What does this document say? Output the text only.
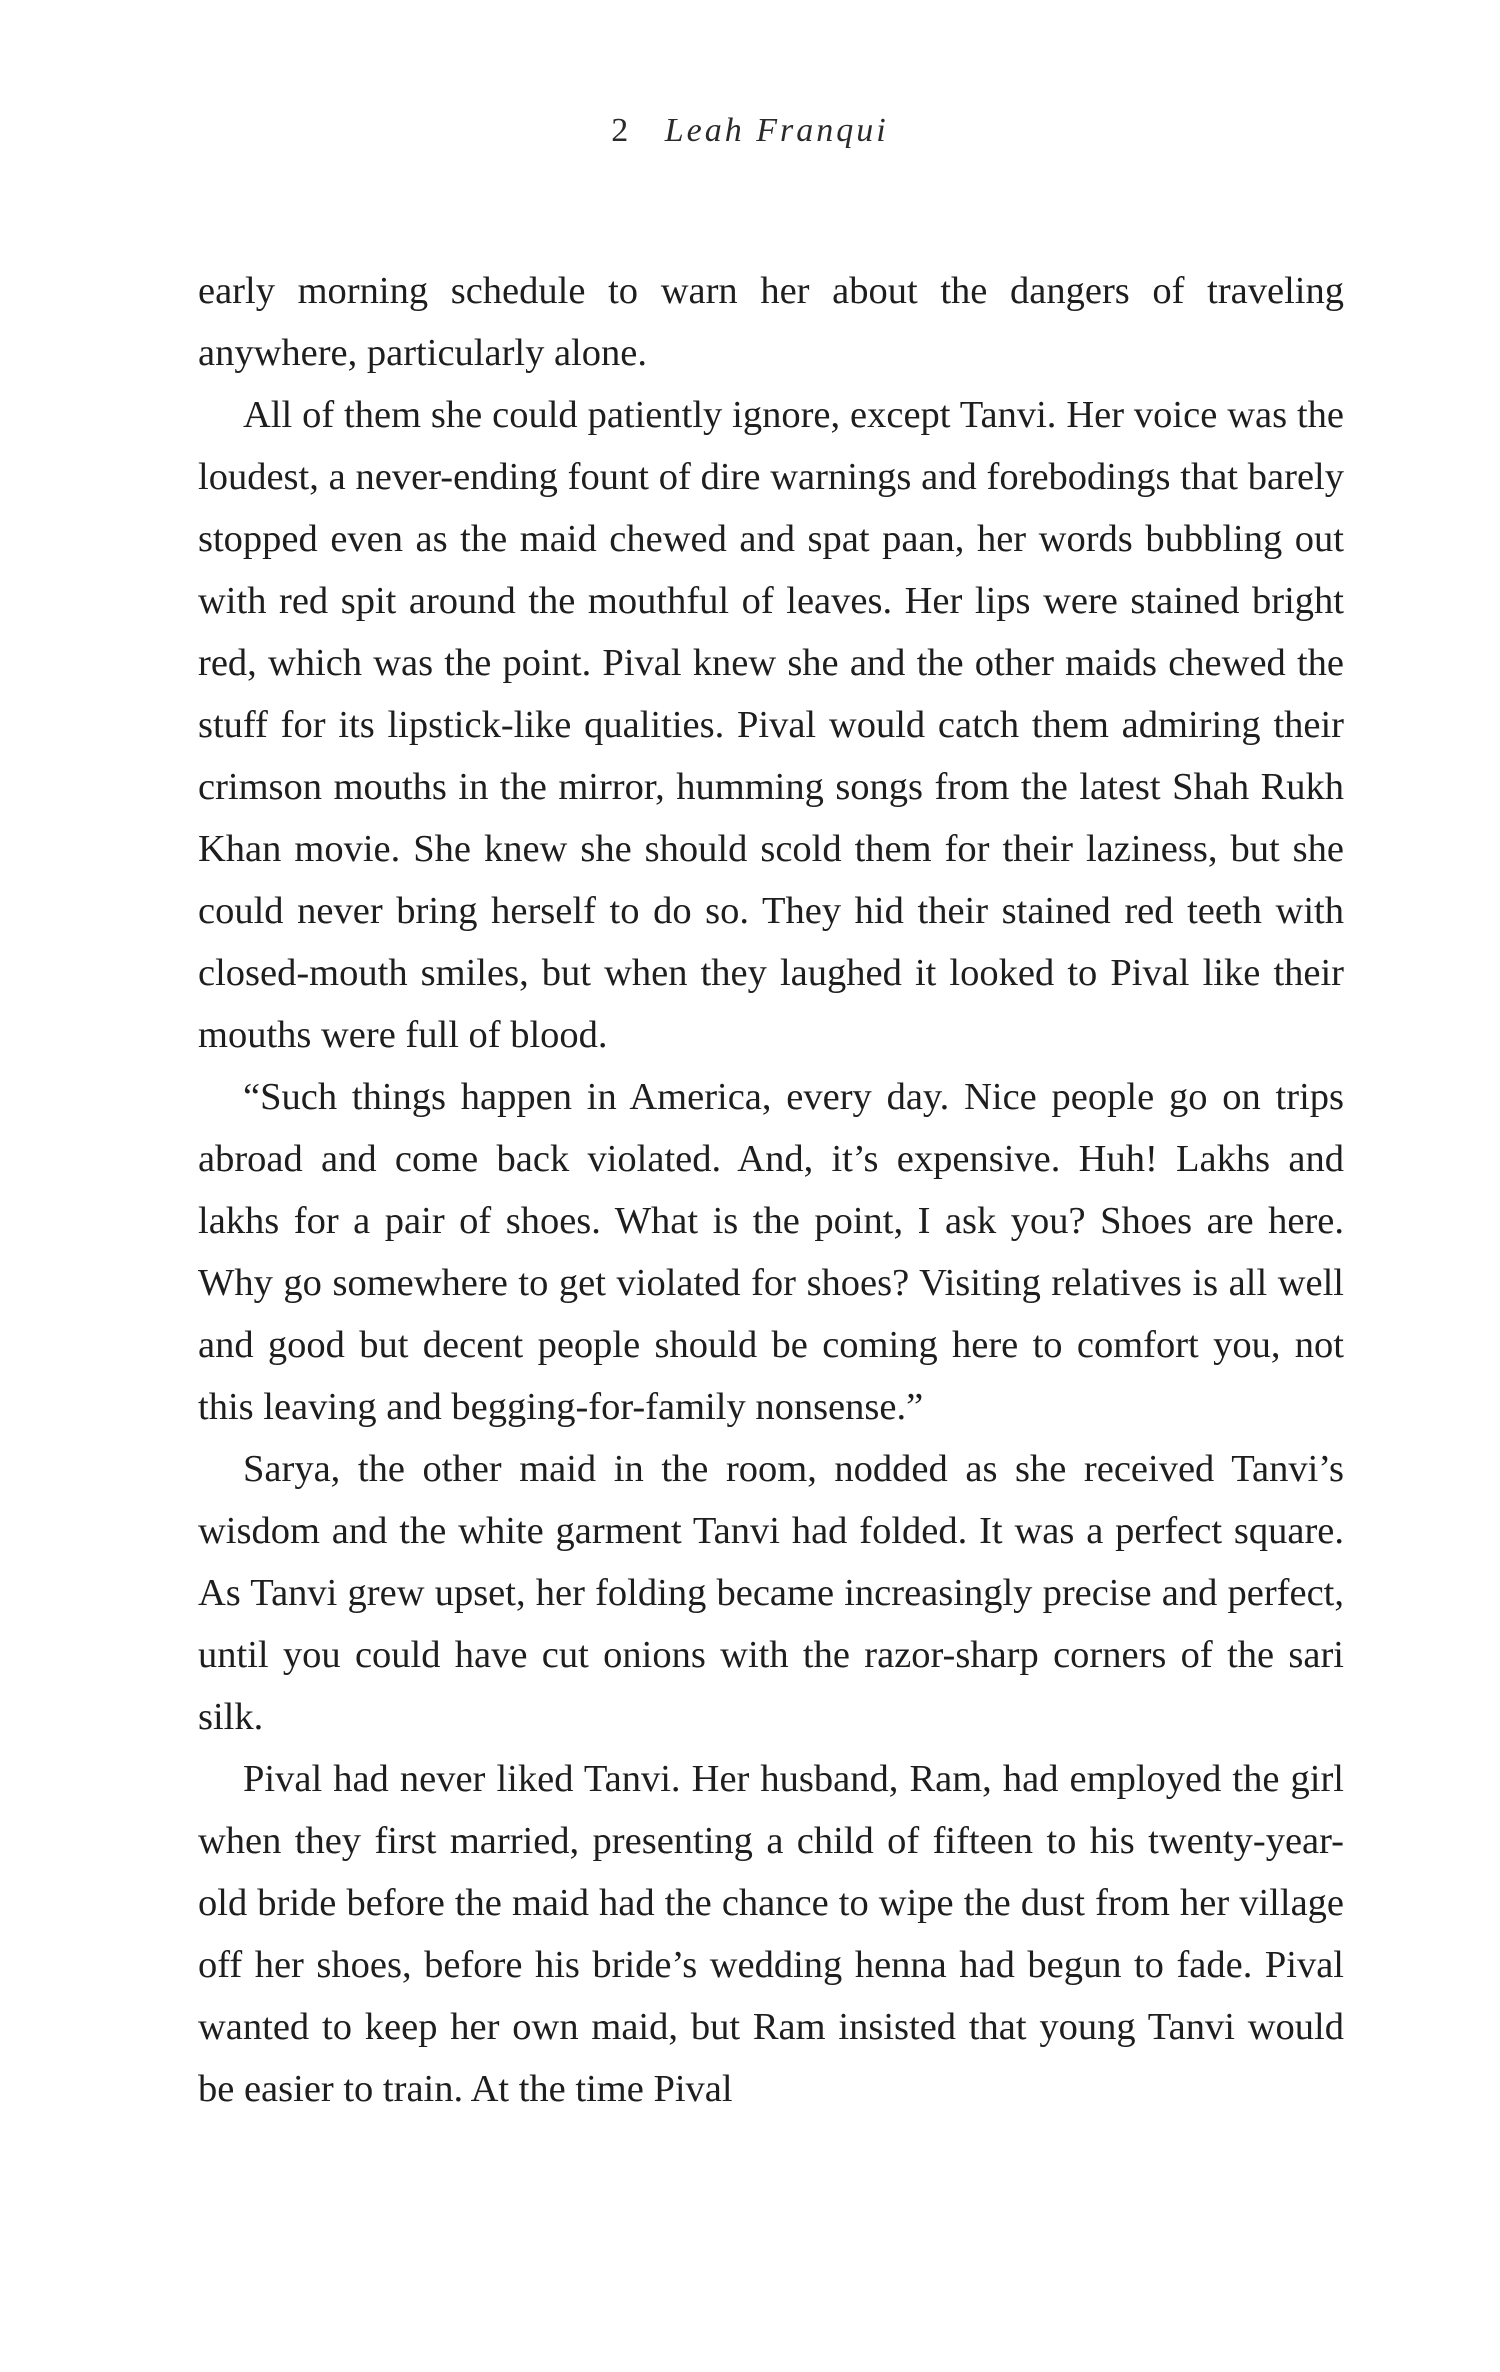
2 Leah Franqui

early morning schedule to warn her about the dangers of traveling anywhere, particularly alone.

All of them she could patiently ignore, except Tanvi. Her voice was the loudest, a never-ending fount of dire warnings and forebodings that barely stopped even as the maid chewed and spat paan, her words bubbling out with red spit around the mouthful of leaves. Her lips were stained bright red, which was the point. Pival knew she and the other maids chewed the stuff for its lipstick-like qualities. Pival would catch them admiring their crimson mouths in the mirror, humming songs from the latest Shah Rukh Khan movie. She knew she should scold them for their laziness, but she could never bring herself to do so. They hid their stained red teeth with closed-mouth smiles, but when they laughed it looked to Pival like their mouths were full of blood.

“Such things happen in America, every day. Nice people go on trips abroad and come back violated. And, it’s expensive. Huh! Lakhs and lakhs for a pair of shoes. What is the point, I ask you? Shoes are here. Why go somewhere to get violated for shoes? Visiting relatives is all well and good but decent people should be coming here to comfort you, not this leaving and begging-for-family nonsense.”

Sarya, the other maid in the room, nodded as she received Tanvi’s wisdom and the white garment Tanvi had folded. It was a perfect square. As Tanvi grew upset, her folding became increasingly precise and perfect, until you could have cut onions with the razor-sharp corners of the sari silk.

Pival had never liked Tanvi. Her husband, Ram, had employed the girl when they first married, presenting a child of fifteen to his twenty-year-old bride before the maid had the chance to wipe the dust from her village off her shoes, before his bride’s wedding henna had begun to fade. Pival wanted to keep her own maid, but Ram insisted that young Tanvi would be easier to train. At the time Pival
